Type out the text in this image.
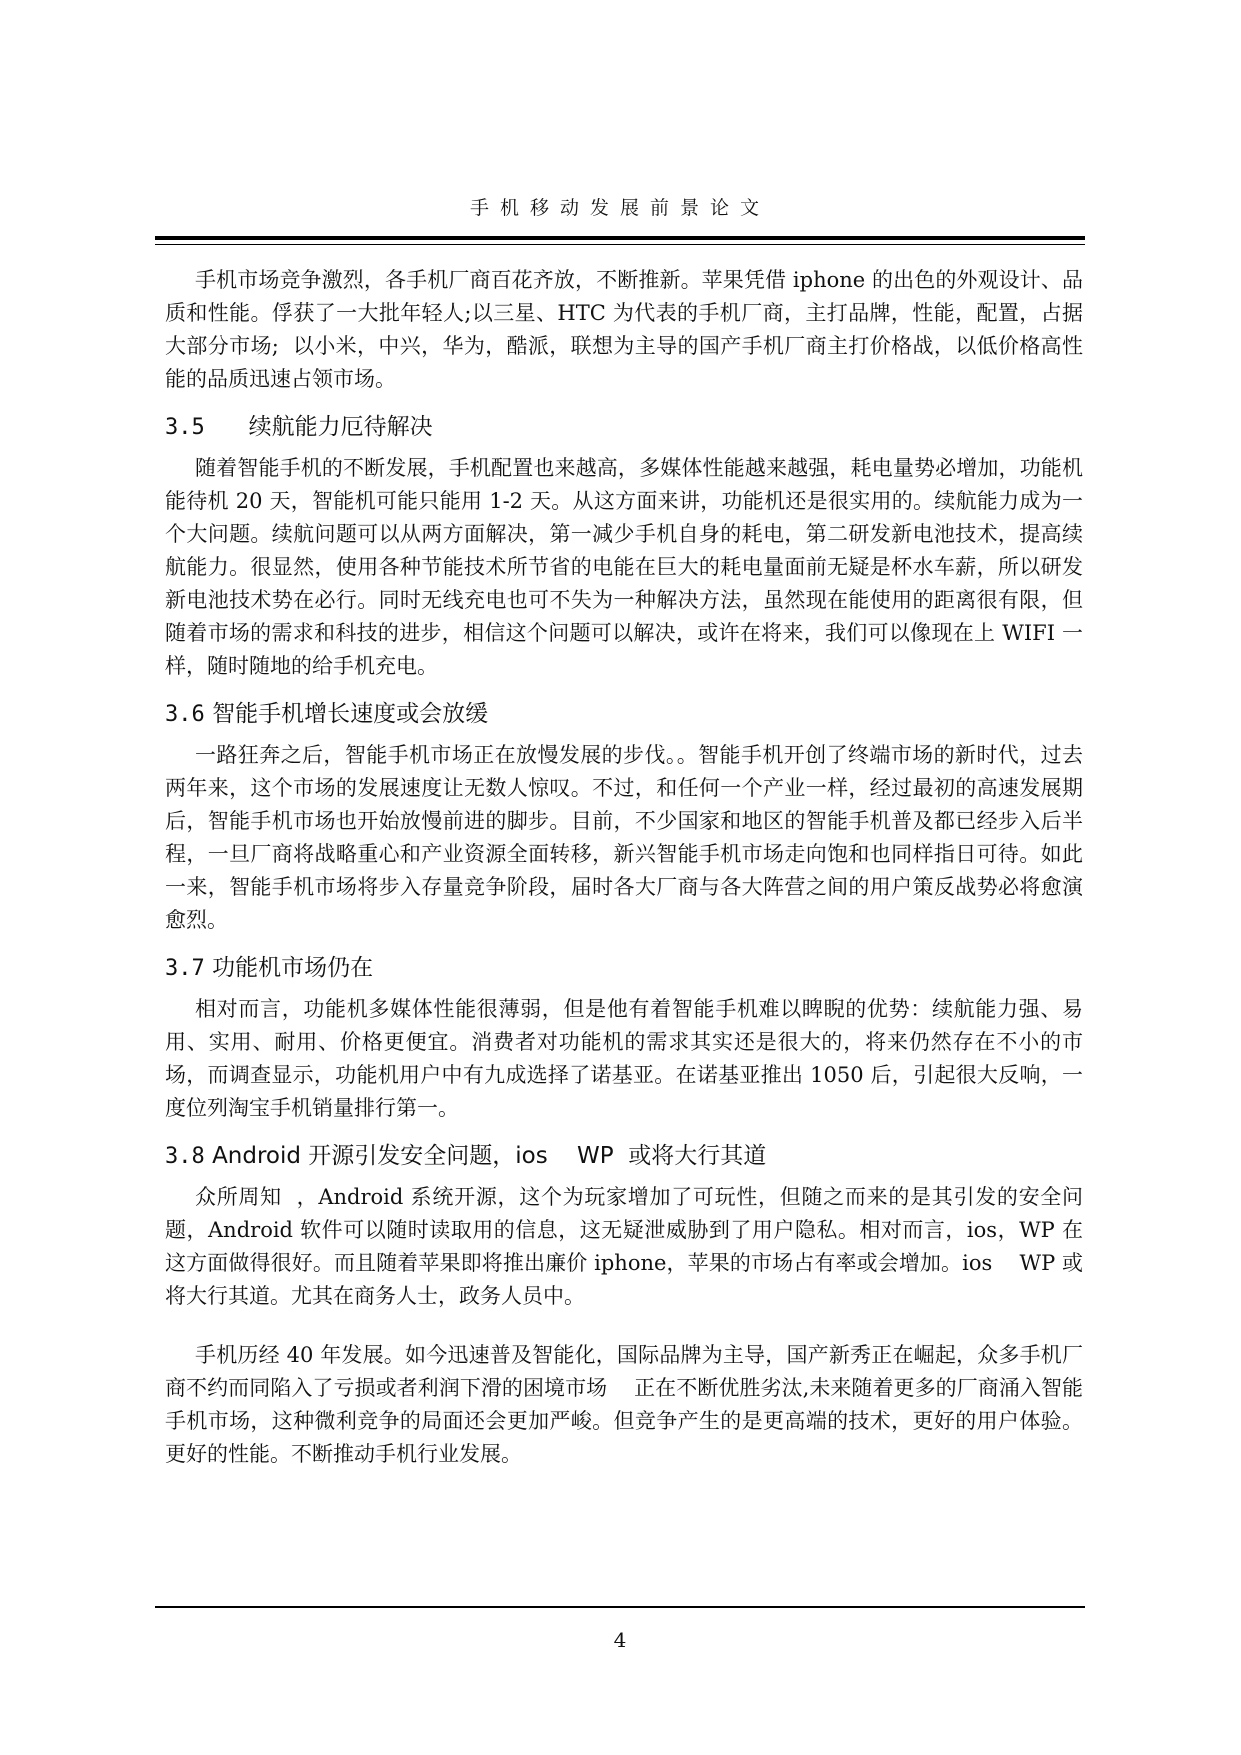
手机移动发展前景论文

手机市场竞争激烈，各手机厂商百花齐放，不断推新。苹果凭借 iphone 的出色的外观设计、品质和性能。俘获了一大批年轻人;以三星、HTC 为代表的手机厂商，主打品牌，性能，配置，占据大部分市场;  以小米，中兴，华为，酷派，联想为主导的国产手机厂商主打价格战，以低价格高性能的品质迅速占领市场。

3.5 续航能力厄待解决

随着智能手机的不断发展，手机配置也来越高，多媒体性能越来越强，耗电量势必增加，功能机能待机 20 天，智能机可能只能用 1-2 天。从这方面来讲，功能机还是很实用的。续航能力成为一个大问题。续航问题可以从两方面解决，第一减少手机自身的耗电，第二研发新电池技术，提高续航能力。很显然，使用各种节能技术所节省的电能在巨大的耗电量面前无疑是杯水车薪，所以研发新电池技术势在必行。同时无线充电也可不失为一种解决方法，虽然现在能使用的距离很有限，但随着市场的需求和科技的进步，相信这个问题可以解决，或许在将来，我们可以像现在上 WIFI 一样，随时随地的给手机充电。

3.6 智能手机增长速度或会放缓

一路狂奔之后，智能手机市场正在放慢发展的步伐。。智能手机开创了终端市场的新时代，过去两年来，这个市场的发展速度让无数人惊叹。不过，和任何一个产业一样，经过最初的高速发展期后，智能手机市场也开始放慢前进的脚步。目前，不少国家和地区的智能手机普及都已经步入后半程，一旦厂商将战略重心和产业资源全面转移，新兴智能手机市场走向饱和也同样指日可待。如此一来，智能手机市场将步入存量竞争阶段，届时各大厂商与各大阵营之间的用户策反战势必将愈演愈烈。

3.7 功能机市场仍在

相对而言，功能机多媒体性能很薄弱，但是他有着智能手机难以睥睨的优势：续航能力强、易用、实用、耐用、价格更便宜。消费者对功能机的需求其实还是很大的，将来仍然存在不小的市场，而调查显示，功能机用户中有九成选择了诺基亚。在诺基亚推出 1050 后，引起很大反响，一度位列淘宝手机销量排行第一。

3.8 Android 开源引发安全问题，ios    WP  或将大行其道

众所周知  ，Android 系统开源，这个为玩家增加了可玩性，但随之而来的是其引发的安全问题，Android 软件可以随时读取用的信息，这无疑泄威胁到了用户隐私。相对而言，ios，WP 在这方面做得很好。而且随着苹果即将推出廉价 iphone，苹果的市场占有率或会增加。ios    WP 或将大行其道。尤其在商务人士，政务人员中。

手机历经 40 年发展。如今迅速普及智能化，国际品牌为主导，国产新秀正在崛起，众多手机厂商不约而同陷入了亏损或者利润下滑的困境市场    正在不断优胜劣汰,未来随着更多的厂商涌入智能手机市场，这种微利竞争的局面还会更加严峻。但竞争产生的是更高端的技术，更好的用户体验。更好的性能。不断推动手机行业发展。

4
